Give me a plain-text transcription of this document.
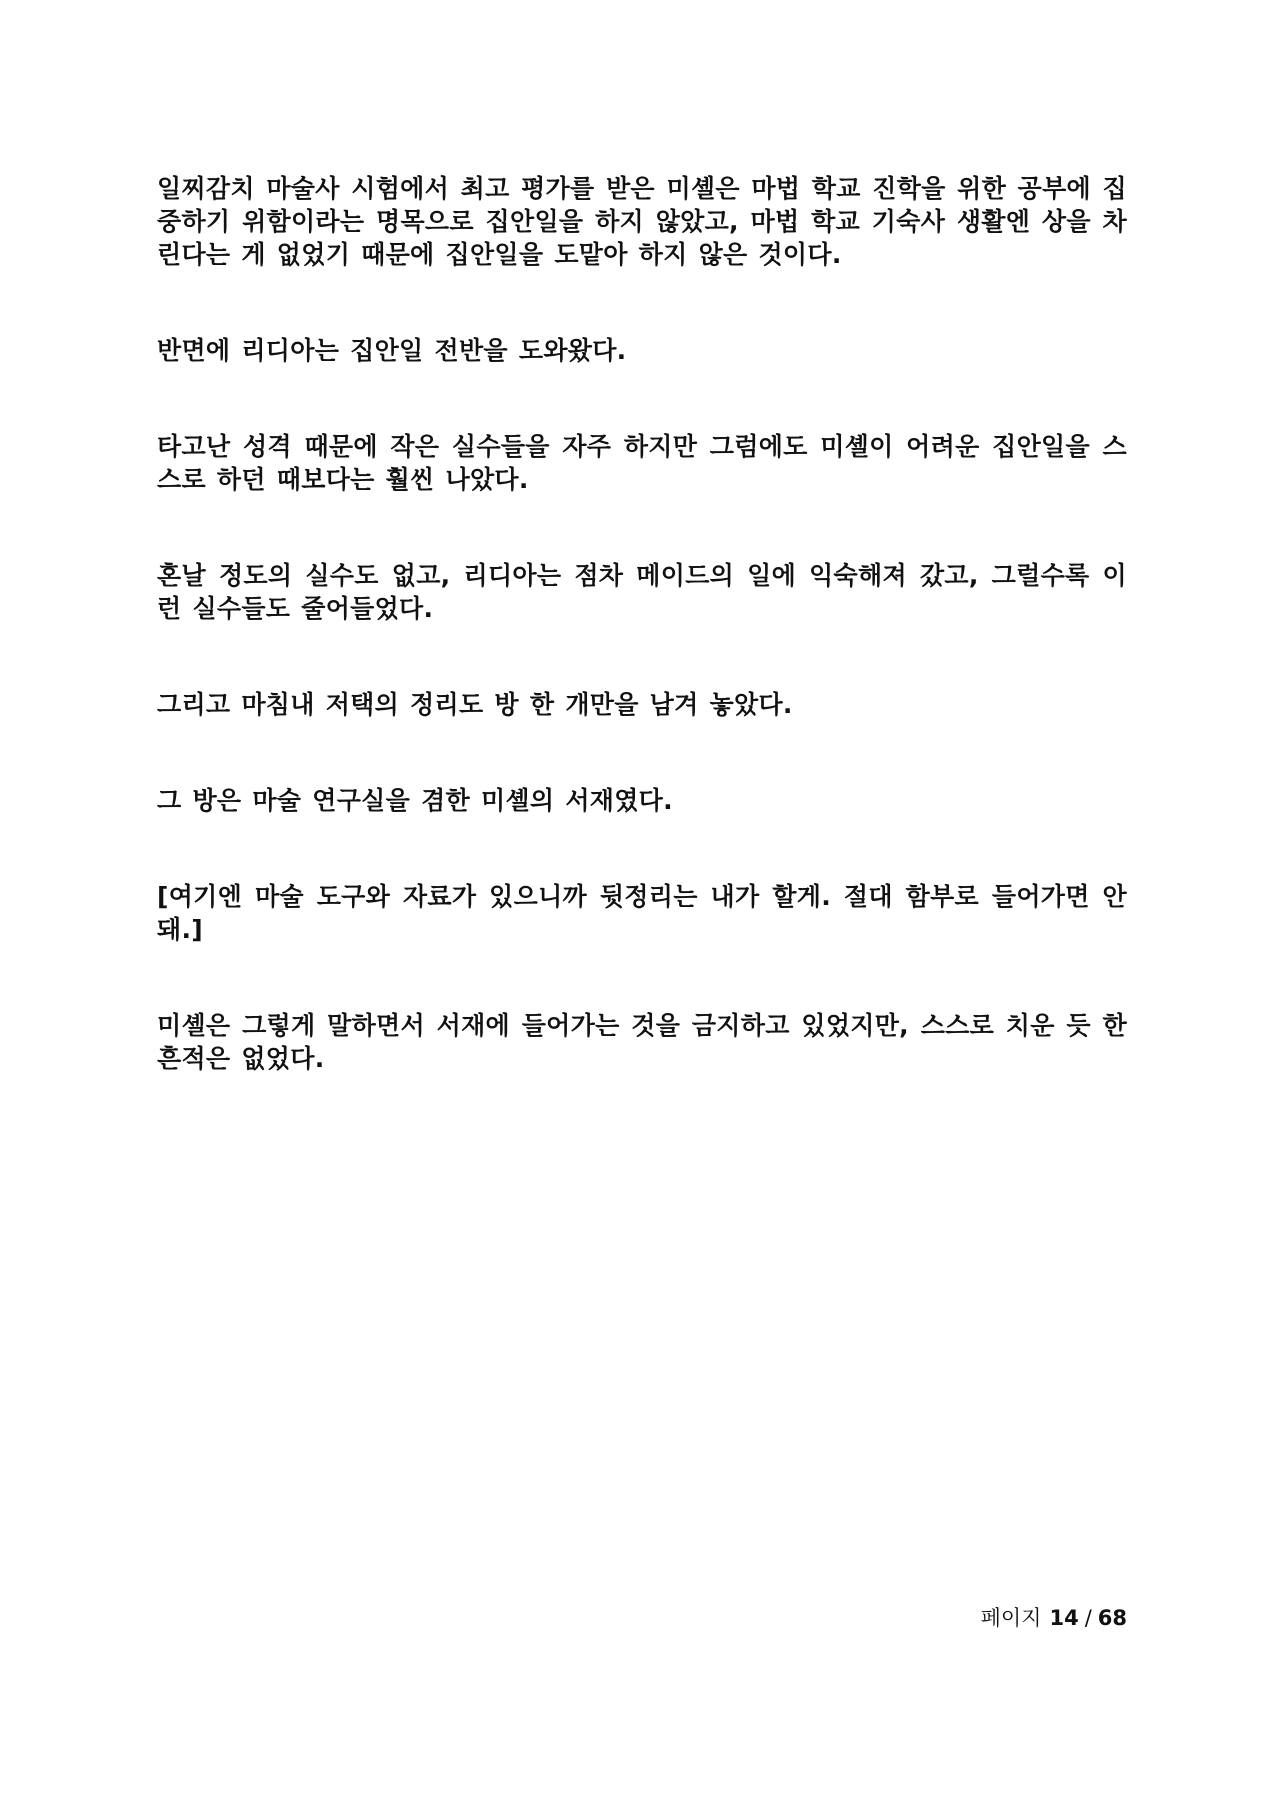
일찌감치 마술사 시험에서 최고 평가를 받은 미셸은 마법 학교 진학을 위한 공부에 집중하기 위함이라는 명목으로 집안일을 하지 않았고, 마법 학교 기숙사 생활엔 상을 차린다는 게 없었기 때문에 집안일을 도맡아 하지 않은 것이다.

반면에 리디아는 집안일 전반을 도와왔다.

타고난 성격 때문에 작은 실수들을 자주 하지만 그럼에도 미셸이 어려운 집안일을 스스로 하던 때보다는 훨씬 나았다.

혼날 정도의 실수도 없고, 리디아는 점차 메이드의 일에 익숙해져 갔고, 그럴수록 이런 실수들도 줄어들었다.

그리고 마침내 저택의 정리도 방 한 개만을 남겨 놓았다.

그 방은 마술 연구실을 겸한 미셸의 서재였다.

[여기엔 마술 도구와 자료가 있으니까 뒷정리는 내가 할게. 절대 함부로 들어가면 안 돼.]

미셸은 그렇게 말하면서 서재에 들어가는 것을 금지하고 있었지만, 스스로 치운 듯 한 흔적은 없었다.

페이지 14 / 68
